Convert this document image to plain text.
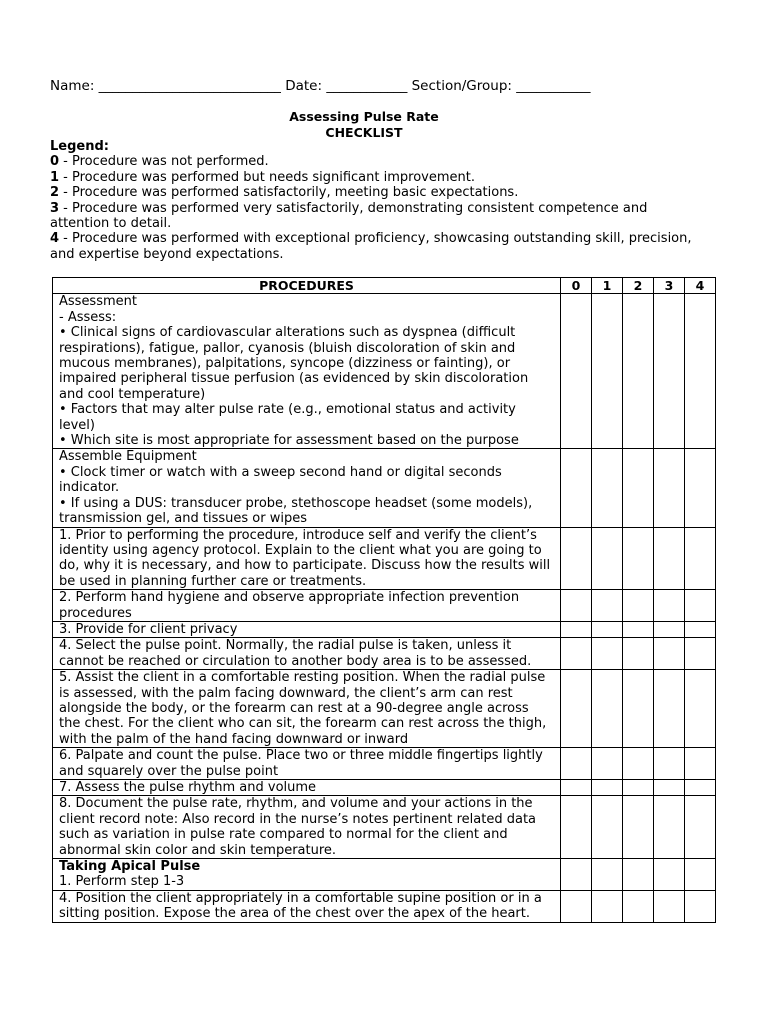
Name: ___________________________ Date: ____________ Section/Group: ___________
Assessing Pulse Rate
CHECKLIST
Legend:
0 - Procedure was not performed.
1 - Procedure was performed but needs significant improvement.
2 - Procedure was performed satisfactorily, meeting basic expectations.
3 - Procedure was performed very satisfactorily, demonstrating consistent competence and attention to detail.
4 - Procedure was performed with exceptional proficiency, showcasing outstanding skill, precision, and expertise beyond expectations.
PROCEDURES	0	1	2	3	4

Assessment
- Assess:
• Clinical signs of cardiovascular alterations such as dyspnea (difficult respirations), fatigue, pallor, cyanosis (bluish discoloration of skin and mucous membranes), palpitations, syncope (dizziness or fainting), or impaired peripheral tissue perfusion (as evidenced by skin discoloration and cool temperature)
• Factors that may alter pulse rate (e.g., emotional status and activity level)
• Which site is most appropriate for assessment based on the purpose					

Assemble Equipment
• Clock timer or watch with a sweep second hand or digital seconds indicator.
• If using a DUS: transducer probe, stethoscope headset (some models), transmission gel, and tissues or wipes					

1. Prior to performing the procedure, introduce self and verify the client’s identity using agency protocol. Explain to the client what you are going to do, why it is necessary, and how to participate. Discuss how the results will be used in planning further care or treatments.					

2. Perform hand hygiene and observe appropriate infection prevention procedures					

3. Provide for client privacy					

4. Select the pulse point. Normally, the radial pulse is taken, unless it cannot be reached or circulation to another body area is to be assessed.					

5. Assist the client in a comfortable resting position. When the radial pulse is assessed, with the palm facing downward, the client’s arm can rest alongside the body, or the forearm can rest at a 90-degree angle across the chest. For the client who can sit, the forearm can rest across the thigh, with the palm of the hand facing downward or inward					

6. Palpate and count the pulse. Place two or three middle fingertips lightly and squarely over the pulse point					

7. Assess the pulse rhythm and volume					

8. Document the pulse rate, rhythm, and volume and your actions in the client record note: Also record in the nurse’s notes pertinent related data such as variation in pulse rate compared to normal for the client and abnormal skin color and skin temperature.					

Taking Apical Pulse
1. Perform step 1-3					

4. Position the client appropriately in a comfortable supine position or in a sitting position. Expose the area of the chest over the apex of the heart.					
